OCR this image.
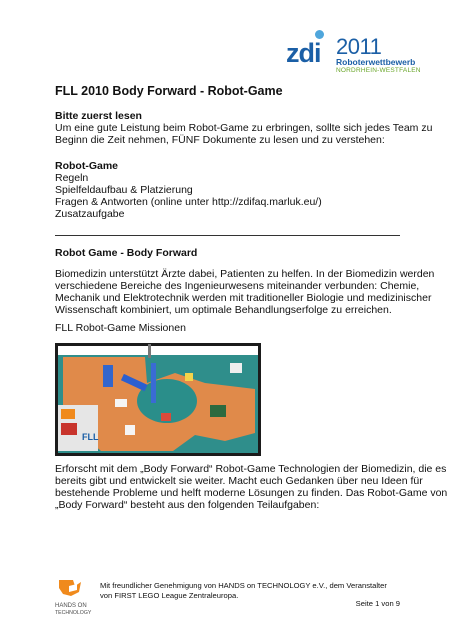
zdi 2011
Roboterwettbewerb
NORDRHEIN-WESTFALEN
FLL 2010 Body Forward - Robot-Game

Bitte zuerst lesen

Um eine gute Leistung beim Robot-Game zu erbringen, sollte sich jedes Team zu

Beginn die Zeit nehmen, FÜNF Dokumente zu lesen und zu verstehen:

Robot-Game

Regeln

Spielfeldaufbau & Platzierung

Fragen & Antworten (online unter http://zdifaq.marluk.eu/)

Zusatzaufgabe

Robot Game - Body Forward

Biomedizin unterstützt Ärzte dabei, Patienten zu helfen. In der Biomedizin werden

verschiedene Bereiche des Ingenieurwesens miteinander verbunden: Chemie,

Mechanik und Elektrotechnik werden mit traditioneller Biologie und medizinischer

Wissenschaft kombiniert, um optimale Behandlungserfolge zu erreichen.

FLL Robot-Game Missionen

FLL

Erforscht mit dem „Body Forward“ Robot-Game Technologien der Biomedizin, die es

bereits gibt und entwickelt sie weiter. Macht euch Gedanken über neu Ideen für

bestehende Probleme und helft moderne Lösungen zu finden. Das Robot-Game von

„Body Forward“ besteht aus den folgenden Teilaufgaben:

HANDS ON
TECHNOLOGY
Mit freundlicher Genehmigung von HANDS on TECHNOLOGY e.V., dem Veranstalter
von FIRST LEGO League Zentraleuropa.
Seite 1 von 9
